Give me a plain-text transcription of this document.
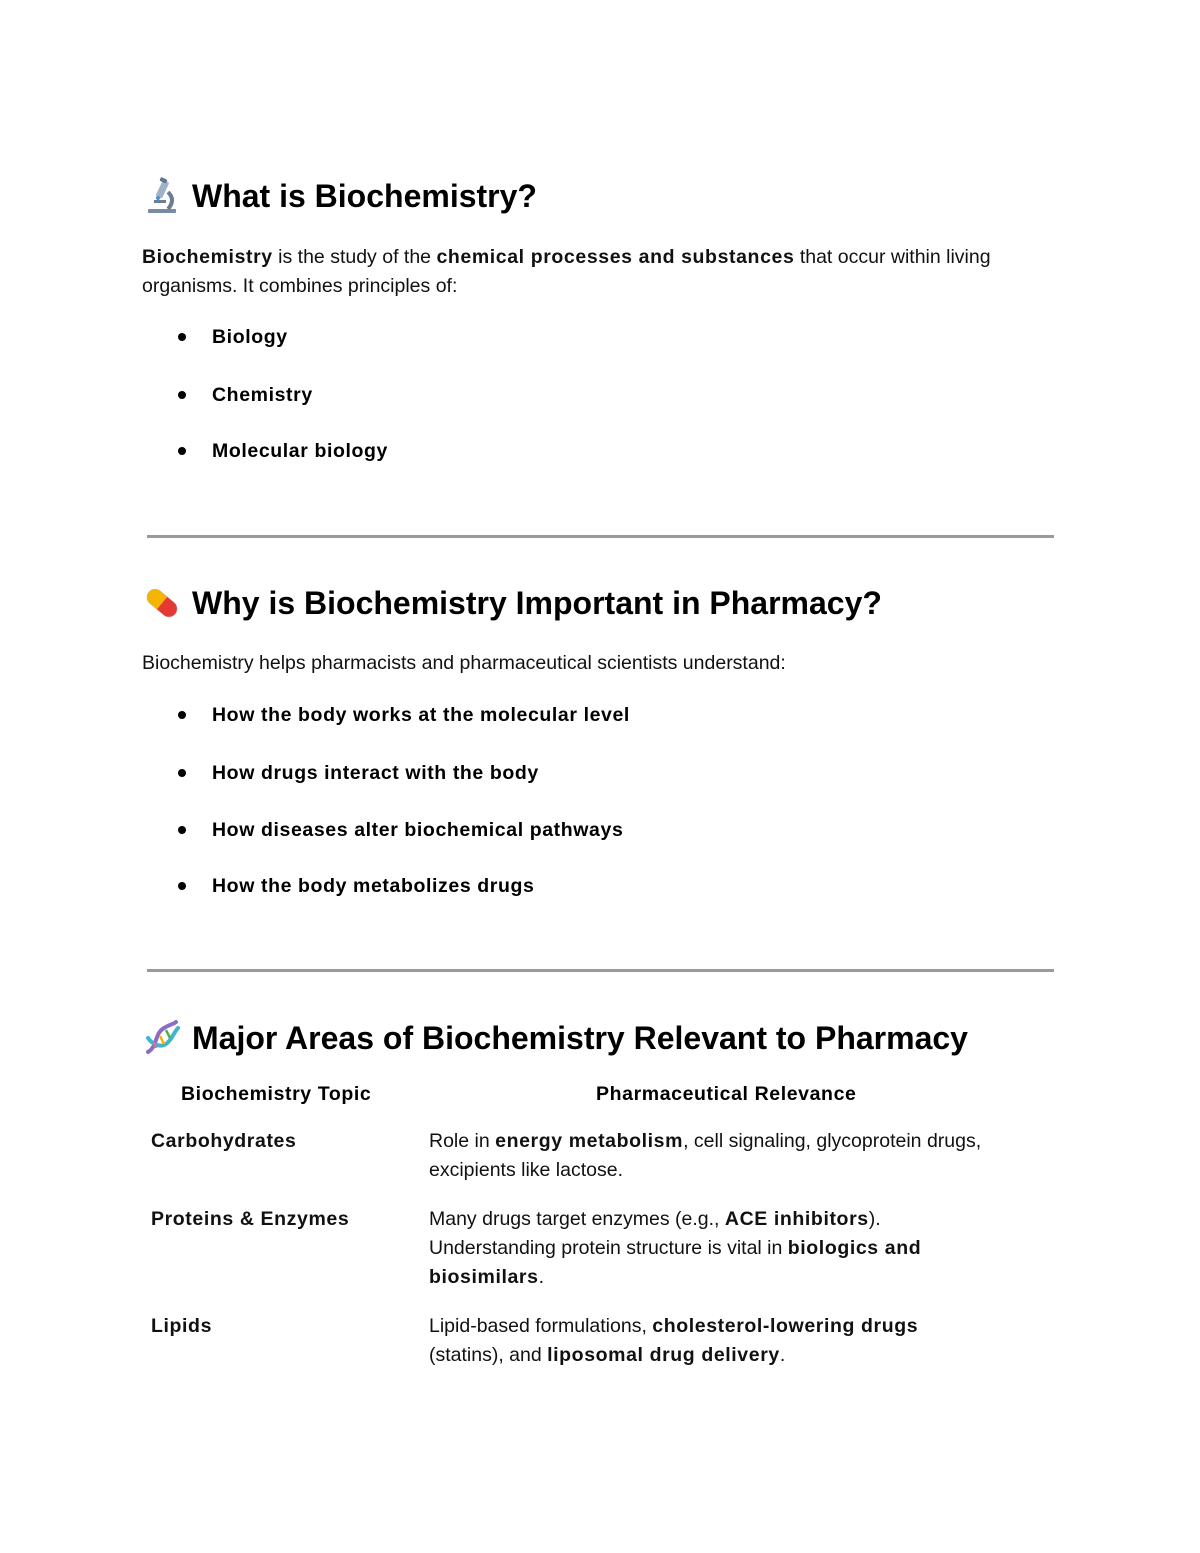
What is Biochemistry?
Biochemistry is the study of the chemical processes and substances that occur within living organisms. It combines principles of:
Biology
Chemistry
Molecular biology
Why is Biochemistry Important in Pharmacy?
Biochemistry helps pharmacists and pharmaceutical scientists understand:
How the body works at the molecular level
How drugs interact with the body
How diseases alter biochemical pathways
How the body metabolizes drugs
Major Areas of Biochemistry Relevant to Pharmacy
Biochemistry Topic	Pharmaceutical Relevance
Carbohydrates	Role in energy metabolism, cell signaling, glycoprotein drugs, excipients like lactose.
Proteins & Enzymes	Many drugs target enzymes (e.g., ACE inhibitors). Understanding protein structure is vital in biologics and biosimilars.
Lipids	Lipid-based formulations, cholesterol-lowering drugs (statins), and liposomal drug delivery.
